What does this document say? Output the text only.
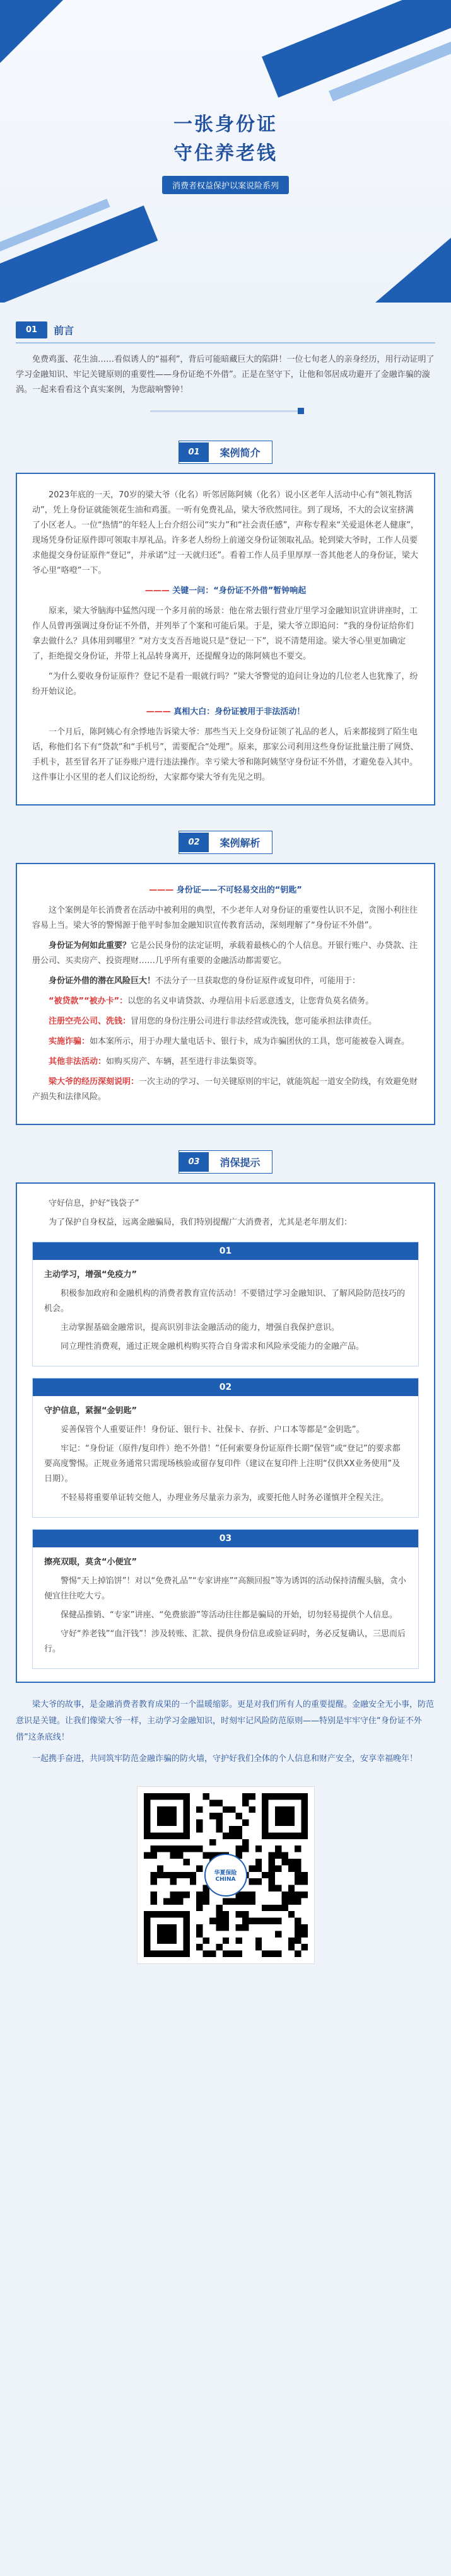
一张身份证
守住养老钱
消费者权益保护以案说险系列
01	前言

免费鸡蛋、花生油……看似诱人的“福利”，背后可能暗藏巨大的陷阱！一位七旬老人的亲身经历，用行动证明了学习金融知识、牢记关键原则的重要性——身份证绝不外借”。正是在坚守下，让他和邻居成功避开了金融诈骗的漩涡。一起来看看这个真实案例，为您敲响警钟！

01	案例简介

2023年底的一天，70岁的梁大爷（化名）听邻居陈阿姨（化名）说小区老年人活动中心有“领礼物活动”，凭上身份证就能领花生油和鸡蛋。一听有免费礼品，梁大爷欣然同往。到了现场，不大的会议室挤满了小区老人。一位“热情”的年轻人上台介绍公司“实力”和“社会责任感”，声称专程来“关爱退休老人健康”，现场凭身份证原件即可领取丰厚礼品。许多老人纷纷上前递交身份证领取礼品。轮到梁大爷时，工作人员要求他提交身份证原件“登记”，并承诺“过一天就归还”。看着工作人员手里厚厚一沓其他老人的身份证，梁大爷心里“咯噔”一下。

——— 关键一问：“身份证不外借”暂钟响起

原来，梁大爷脑海中猛然闪现一个多月前的场景：他在常去银行营业厅里学习金融知识宣讲讲座时，工作人员曾再强调过身份证不外借，并列举了个案和可能后果。于是，梁大爷立即追问：“我的身份证给你们拿去做什么？具体用到哪里？”对方支支吾吾地说只是“登记一下”，说不清楚用途。梁大爷心里更加确定了，拒绝提交身份证，并带上礼品转身离开，还提醒身边的陈阿姨也不要交。

“为什么要收身份证原件？登记不是看一眼就行吗？”梁大爷警觉的追问让身边的几位老人也犹豫了，纷纷开始议论。

——— 真相大白：身份证被用于非法活动！

一个月后，陈阿姨心有余悸地告诉梁大爷：那些当天上交身份证领了礼品的老人，后来都接到了陌生电话，称他们名下有“贷款”和“手机号”，需要配合“处理”。原来，那家公司利用这些身份证批量注册了网贷、手机卡，甚至冒名开了证券账户进行违法操作。幸亏梁大爷和陈阿姨坚守身份证不外借，才避免卷入其中。这件事让小区里的老人们议论纷纷，大家都夸梁大爷有先见之明。

02	案例解析
——— 身份证——不可轻易交出的“钥匙”

这个案例是年长消费者在活动中被利用的典型，不少老年人对身份证的重要性认识不足，贪图小利往往容易上当。梁大爷的警惕源于他平时参加金融知识宣传教育活动，深刻理解了“身份证不外借”。

身份证为何如此重要？它是公民身份的法定证明，承载着最核心的个人信息。开银行账户、办贷款、注册公司、买卖房产、投资理财……几乎所有重要的金融活动都需要它。

身份证外借的潜在风险巨大！不法分子一旦获取您的身份证原件或复印件，可能用于：

“被贷款”“被办卡”：以您的名义申请贷款、办理信用卡后恶意透支，让您背负莫名债务。

注册空壳公司、洗钱：冒用您的身份注册公司进行非法经营或洗钱，您可能承担法律责任。

实施诈骗：如本案所示，用于办理大量电话卡、银行卡，成为诈骗团伙的工具，您可能被卷入调查。

其他非法活动：如购买房产、车辆，甚至进行非法集资等。

梁大爷的经历深刻说明：一次主动的学习、一句关键原则的牢记，就能筑起一道安全防线，有效避免财产损失和法律风险。

03	消保提示

守好信息，护好“钱袋子”

为了保护自身权益，远离金融骗局，我们特别提醒广大消费者，尤其是老年朋友们：

01

主动学习，增强“免疫力”

积极参加政府和金融机构的消费者教育宣传活动！不要错过学习金融知识、了解风险防范技巧的机会。

主动掌握基础金融常识，提高识别非法金融活动的能力，增强自我保护意识。

同立理性消费观，通过正规金融机构购买符合自身需求和风险承受能力的金融产品。

02

守护信息，紧握“金钥匙”

妥善保管个人重要证件！身份证、银行卡、社保卡、存折、户口本等都是“金钥匙”。

牢记：“身份证（原件/复印件）绝不外借！”任何索要身份证原件长期“保管”或“登记”的要求都要高度警惕。正规业务通常只需现场核验或留存复印件（建议在复印件上注明“仅供XX业务使用”及日期）。

不轻易将重要单证转交他人，办理业务尽量亲力亲为，或要托他人时务必谨慎并全程关注。

03

擦亮双眼，莫贪“小便宜”

警惕“天上掉馅饼”！对以“免费礼品”“专家讲座”“高额回报”等为诱饵的活动保持清醒头脑，贪小便宜往往吃大亏。

保健品推销、“专家”讲座、“免费旅游”等活动往往都是骗局的开始，切勿轻易提供个人信息。

守好“养老钱”“血汗钱”！涉及转账、汇款、提供身份信息或验证码时，务必反复确认，三思而后行。

梁大爷的故事，是金融消费者教育成果的一个温暖缩影。更是对我们所有人的重要提醒。金融安全无小事，防范意识是关键。让我们像梁大爷一样，主动学习金融知识，时刻牢记风险防范原则——特别是牢牢守住“身份证不外借”这条底线！

一起携手奋进，共同筑牢防范金融诈骗的防火墙，守护好我们全体的个人信息和财产安全，安享幸福晚年！

华夏保险
CHINA
